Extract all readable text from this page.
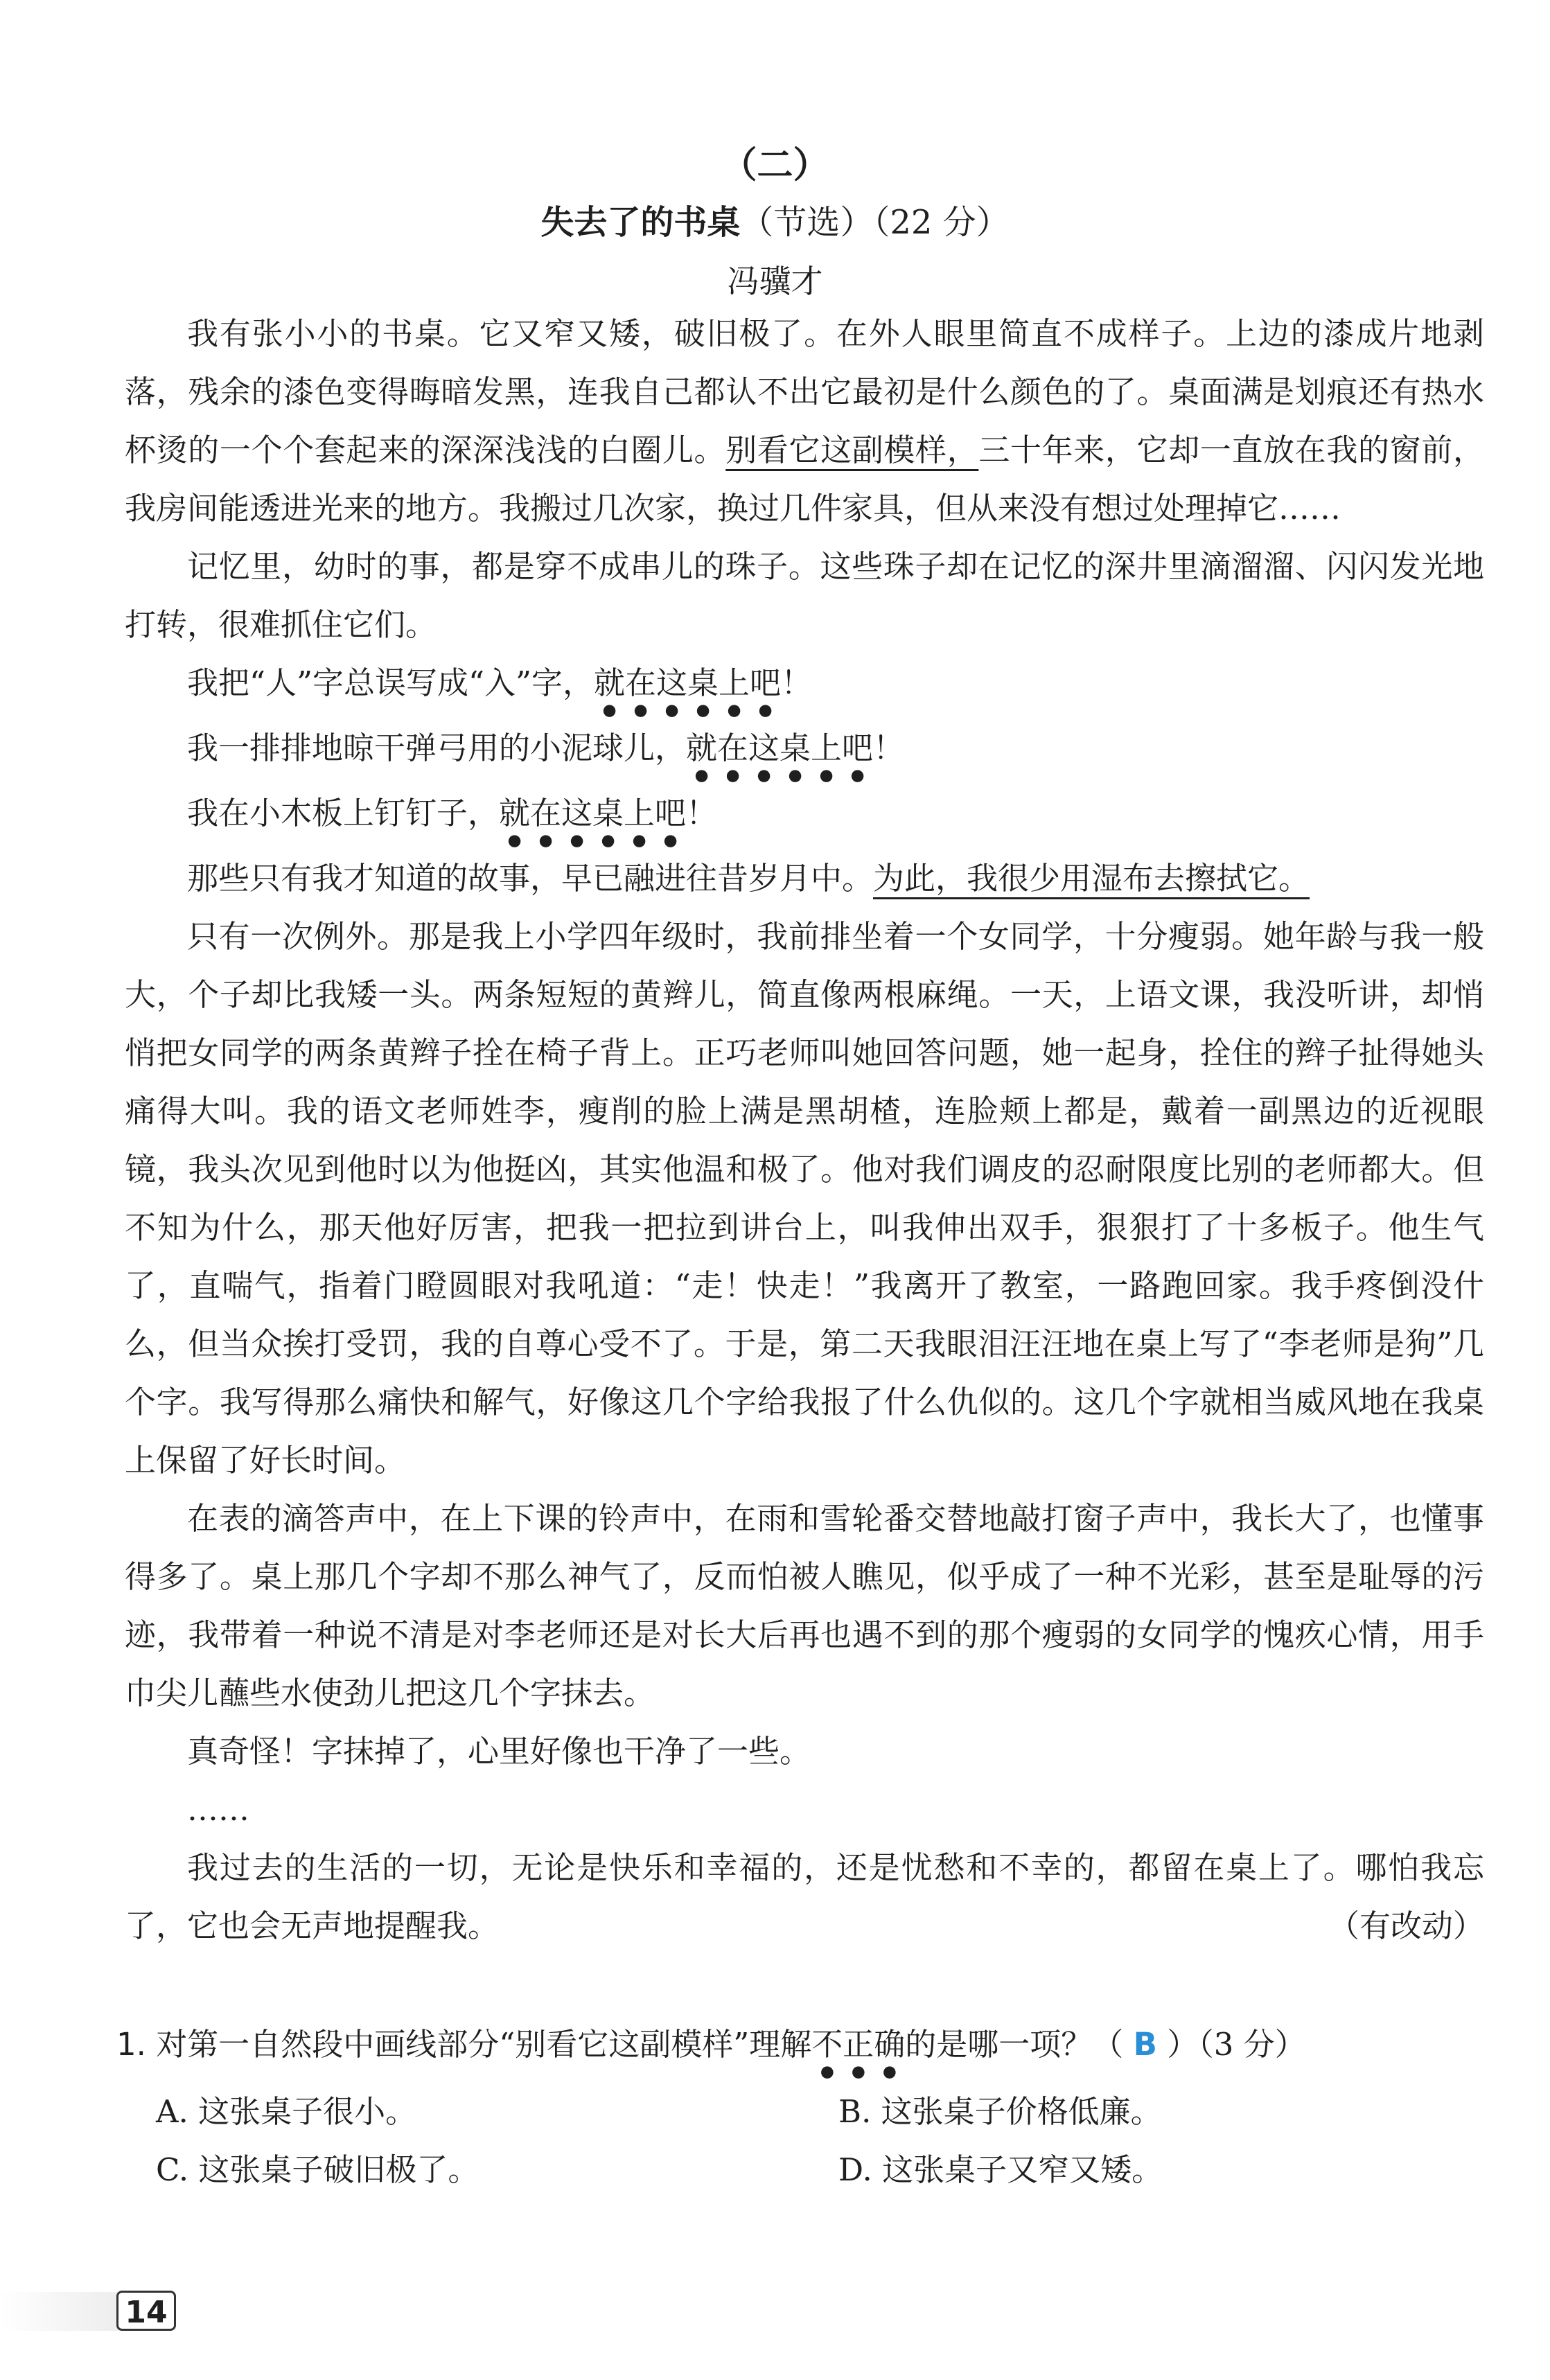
（二）
失去了的书桌（节选）（22 分）
冯骥才

我有张小小的书桌。它又窄又矮，破旧极了。在外人眼里简直不成样子。上边的漆成片地剥落，残余的漆色变得晦暗发黑，连我自己都认不出它最初是什么颜色的了。桌面满是划痕还有热水杯烫的一个个套起来的深深浅浅的白圈儿。别看它这副模样，三十年来，它却一直放在我的窗前，我房间能透进光来的地方。我搬过几次家，换过几件家具，但从来没有想过处理掉它……

记忆里，幼时的事，都是穿不成串儿的珠子。这些珠子却在记忆的深井里滴溜溜、闪闪发光地打转，很难抓住它们。

我把“人”字总误写成“入”字，就在这桌上吧！

我一排排地晾干弹弓用的小泥球儿，就在这桌上吧！

我在小木板上钉钉子，就在这桌上吧！

那些只有我才知道的故事，早已融进往昔岁月中。为此，我很少用湿布去擦拭它。

只有一次例外。那是我上小学四年级时，我前排坐着一个女同学，十分瘦弱。她年龄与我一般大，个子却比我矮一头。两条短短的黄辫儿，简直像两根麻绳。一天，上语文课，我没听讲，却悄悄把女同学的两条黄辫子拴在椅子背上。正巧老师叫她回答问题，她一起身，拴住的辫子扯得她头痛得大叫。我的语文老师姓李，瘦削的脸上满是黑胡楂，连脸颊上都是，戴着一副黑边的近视眼镜，我头次见到他时以为他挺凶，其实他温和极了。他对我们调皮的忍耐限度比别的老师都大。但不知为什么，那天他好厉害，把我一把拉到讲台上，叫我伸出双手，狠狠打了十多板子。他生气了，直喘气，指着门瞪圆眼对我吼道：“走！快走！”我离开了教室，一路跑回家。我手疼倒没什么，但当众挨打受罚，我的自尊心受不了。于是，第二天我眼泪汪汪地在桌上写了“李老师是狗”几个字。我写得那么痛快和解气，好像这几个字给我报了什么仇似的。这几个字就相当威风地在我桌上保留了好长时间。

在表的滴答声中，在上下课的铃声中，在雨和雪轮番交替地敲打窗子声中，我长大了，也懂事得多了。桌上那几个字却不那么神气了，反而怕被人瞧见，似乎成了一种不光彩，甚至是耻辱的污迹，我带着一种说不清是对李老师还是对长大后再也遇不到的那个瘦弱的女同学的愧疚心情，用手巾尖儿蘸些水使劲儿把这几个字抹去。

真奇怪！字抹掉了，心里好像也干净了一些。

……

我过去的生活的一切，无论是快乐和幸福的，还是忧愁和不幸的，都留在桌上了。哪怕我忘了，它也会无声地提醒我。	（有改动）

1. 对第一自然段中画线部分“别看它这副模样”理解不正确的是哪一项？（ B ）（3 分）
A. 这张桌子很小。	B. 这张桌子价格低廉。
C. 这张桌子破旧极了。	D. 这张桌子又窄又矮。
14
